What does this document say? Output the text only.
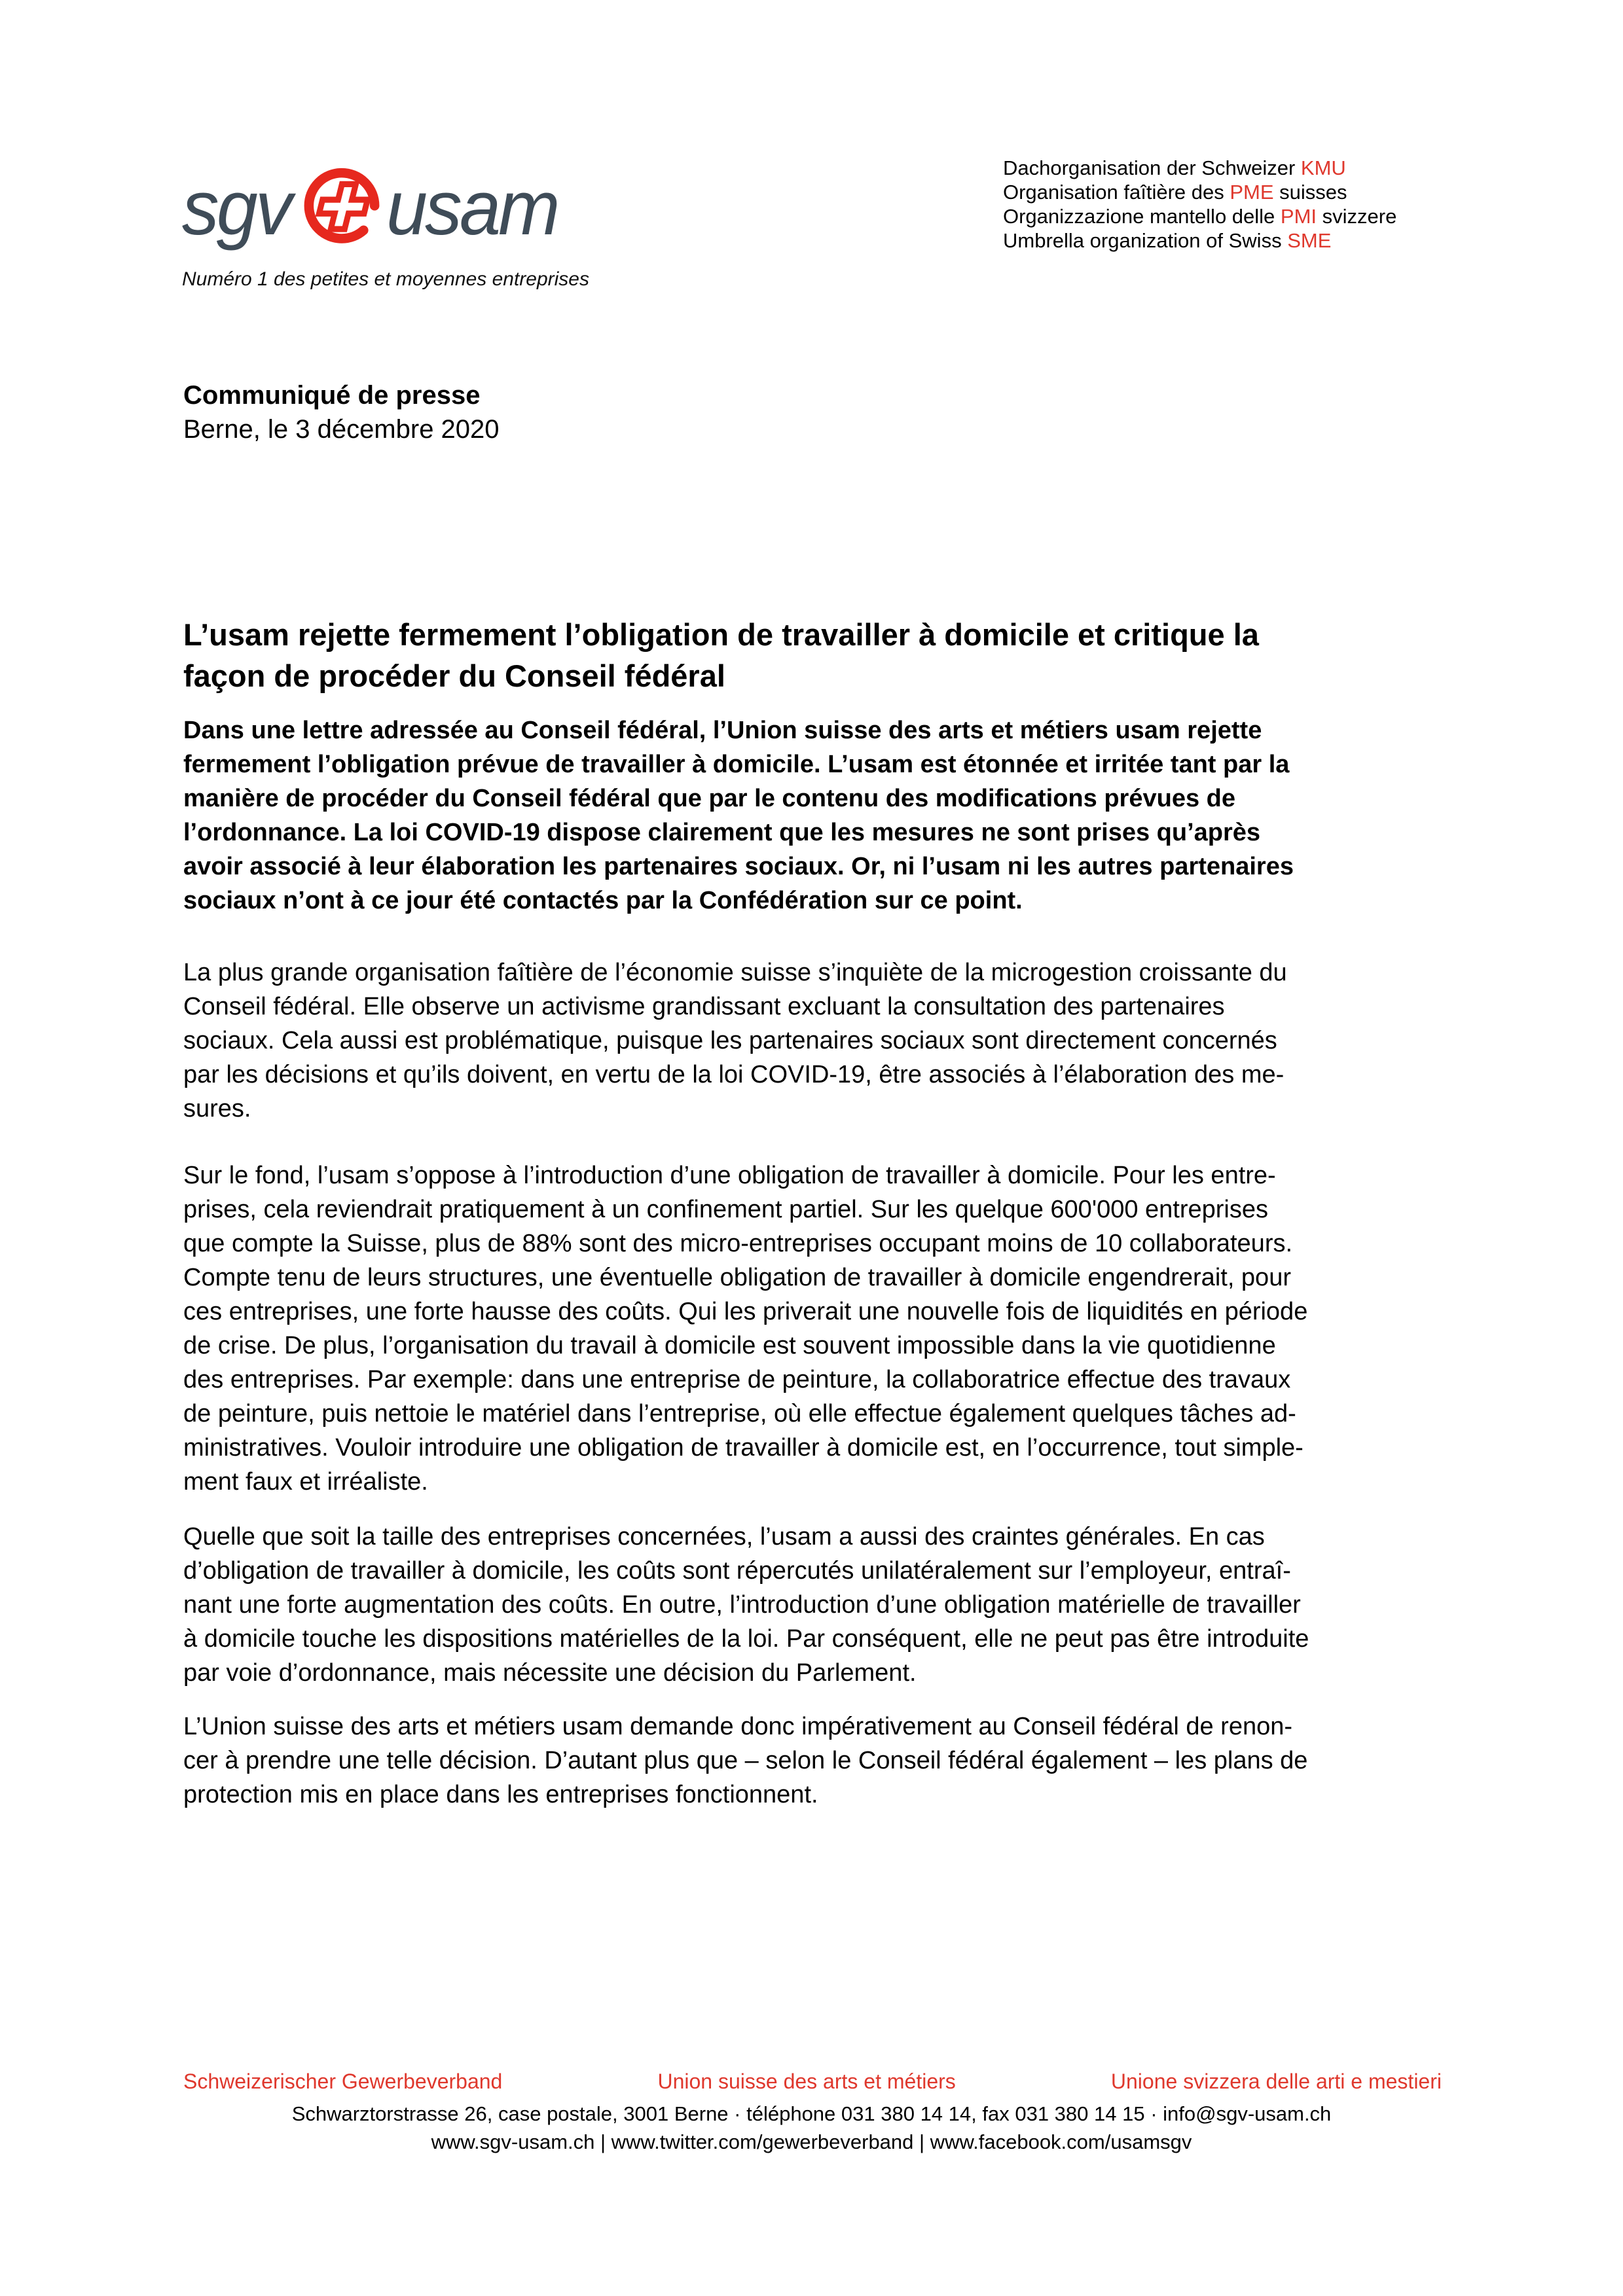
sgv usam
Numéro 1 des petites et moyennes entreprises
Dachorganisation der Schweizer KMU
Organisation faîtière des PME suisses
Organizzazione mantello delle PMI svizzere
Umbrella organization of Swiss SME
Communiqué de presse
Berne, le 3 décembre 2020
L’usam rejette fermement l’obligation de travailler à domicile et critique la
façon de procéder du Conseil fédéral
Dans une lettre adressée au Conseil fédéral, l’Union suisse des arts et métiers usam rejette
fermement l’obligation prévue de travailler à domicile. L’usam est étonnée et irritée tant par la
manière de procéder du Conseil fédéral que par le contenu des modifications prévues de
l’ordonnance. La loi COVID-19 dispose clairement que les mesures ne sont prises qu’après
avoir associé à leur élaboration les partenaires sociaux. Or, ni l’usam ni les autres partenaires
sociaux n’ont à ce jour été contactés par la Confédération sur ce point.
La plus grande organisation faîtière de l’économie suisse s’inquiète de la microgestion croissante du
Conseil fédéral. Elle observe un activisme grandissant excluant la consultation des partenaires
sociaux. Cela aussi est problématique, puisque les partenaires sociaux sont directement concernés
par les décisions et qu’ils doivent, en vertu de la loi COVID-19, être associés à l’élaboration des me-
sures.
Sur le fond, l’usam s’oppose à l’introduction d’une obligation de travailler à domicile. Pour les entre-
prises, cela reviendrait pratiquement à un confinement partiel. Sur les quelque 600'000 entreprises
que compte la Suisse, plus de 88% sont des micro-entreprises occupant moins de 10 collaborateurs.
Compte tenu de leurs structures, une éventuelle obligation de travailler à domicile engendrerait, pour
ces entreprises, une forte hausse des coûts. Qui les priverait une nouvelle fois de liquidités en période
de crise. De plus, l’organisation du travail à domicile est souvent impossible dans la vie quotidienne
des entreprises. Par exemple: dans une entreprise de peinture, la collaboratrice effectue des travaux
de peinture, puis nettoie le matériel dans l’entreprise, où elle effectue également quelques tâches ad-
ministratives. Vouloir introduire une obligation de travailler à domicile est, en l’occurrence, tout simple-
ment faux et irréaliste.
Quelle que soit la taille des entreprises concernées, l’usam a aussi des craintes générales. En cas
d’obligation de travailler à domicile, les coûts sont répercutés unilatéralement sur l’employeur, entraî-
nant une forte augmentation des coûts. En outre, l’introduction d’une obligation matérielle de travailler
à domicile touche les dispositions matérielles de la loi. Par conséquent, elle ne peut pas être introduite
par voie d’ordonnance, mais nécessite une décision du Parlement.
L’Union suisse des arts et métiers usam demande donc impérativement au Conseil fédéral de renon-
cer à prendre une telle décision. D’autant plus que – selon le Conseil fédéral également – les plans de
protection mis en place dans les entreprises fonctionnent.
Schweizerischer Gewerbeverband	Union suisse des arts et métiers	Unione svizzera delle arti e mestieri
Schwarztorstrasse 26, case postale, 3001 Berne · téléphone 031 380 14 14, fax 031 380 14 15 · info@sgv-usam.ch
www.sgv-usam.ch | www.twitter.com/gewerbeverband | www.facebook.com/usamsgv
